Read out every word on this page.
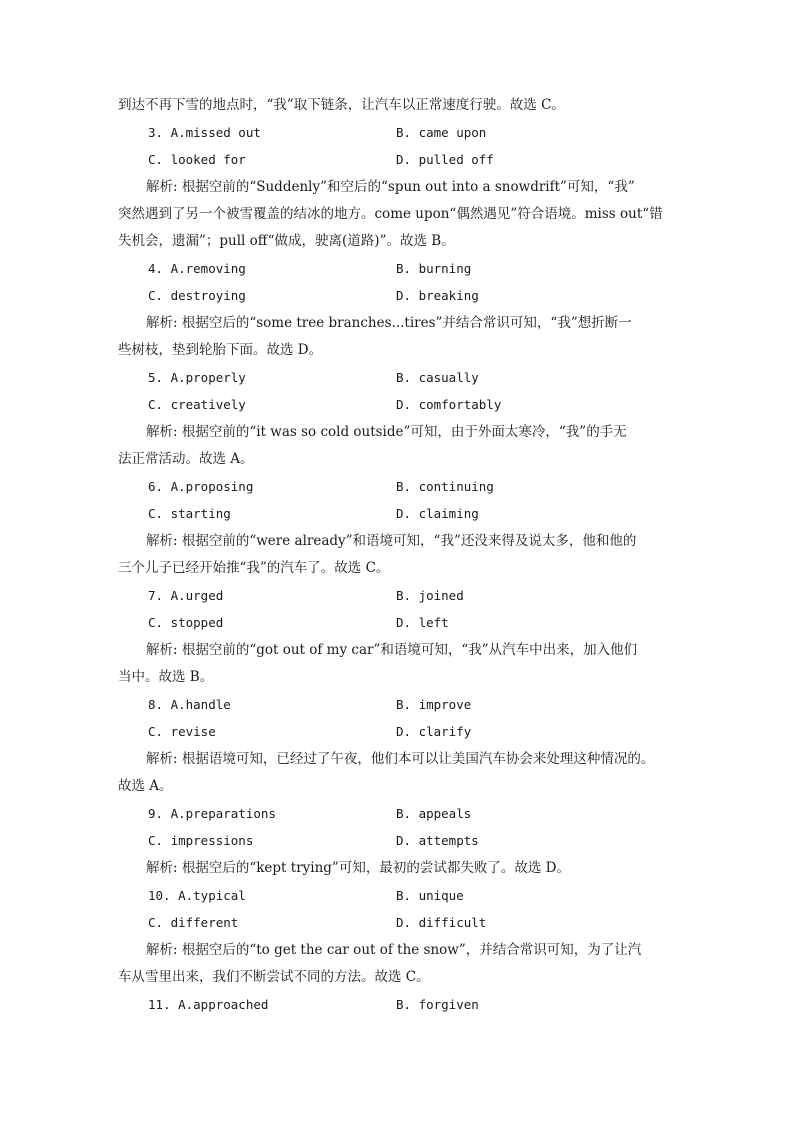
到达不再下雪的地点时，“我”取下链条，让汽车以正常速度行驶。故选 C。
3. A.missed out	B. came upon
C. looked for	D. pulled off
解析: 根据空前的“Suddenly”和空后的“spun out into a snowdrift”可知，“我”
突然遇到了另一个被雪覆盖的结冰的地方。come upon“偶然遇见”符合语境。miss out“错
失机会，遗漏”；pull off“做成，驶离(道路)”。故选 B。
4. A.removing	B. burning
C. destroying	D. breaking
解析: 根据空后的“some tree branches...tires”并结合常识可知，“我”想折断一
些树枝，垫到轮胎下面。故选 D。
5. A.properly	B. casually
C. creatively	D. comfortably
解析: 根据空前的“it was so cold outside”可知，由于外面太寒冷，“我”的手无
法正常活动。故选 A。
6. A.proposing	B. continuing
C. starting	D. claiming
解析: 根据空前的“were already”和语境可知，“我”还没来得及说太多，他和他的
三个儿子已经开始推“我”的汽车了。故选 C。
7. A.urged	B. joined
C. stopped	D. left
解析: 根据空前的“got out of my car”和语境可知，“我”从汽车中出来，加入他们
当中。故选 B。
8. A.handle	B. improve
C. revise	D. clarify
解析: 根据语境可知，已经过了午夜，他们本可以让美国汽车协会来处理这种情况的。
故选 A。
9. A.preparations	B. appeals
C. impressions	D. attempts
解析: 根据空后的“kept trying”可知，最初的尝试都失败了。故选 D。
10. A.typical	B. unique
C. different	D. difficult
解析: 根据空后的“to get the car out of the snow”，并结合常识可知，为了让汽
车从雪里出来，我们不断尝试不同的方法。故选 C。
11. A.approached	B. forgiven
